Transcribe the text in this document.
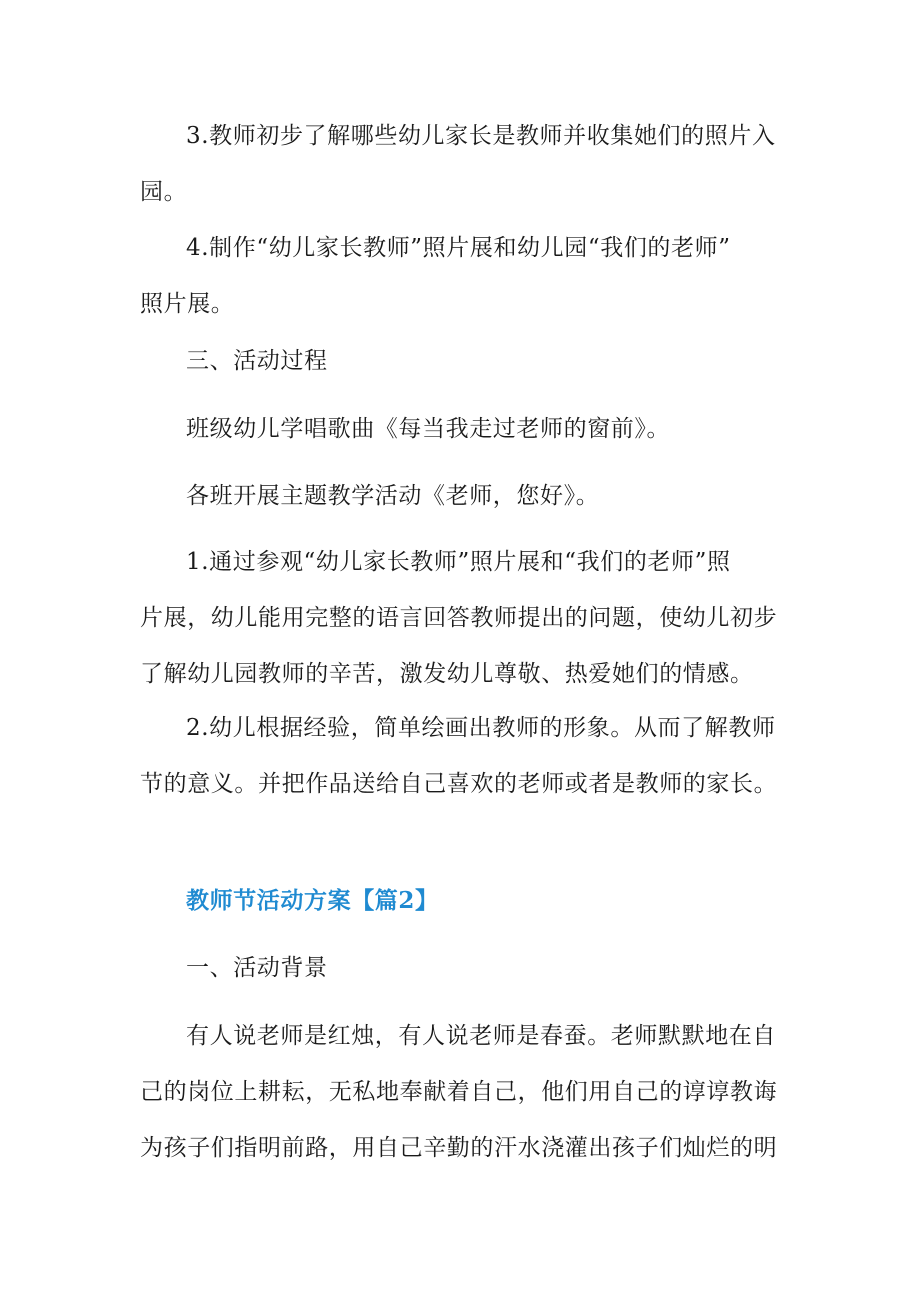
3.教师初步了解哪些幼儿家长是教师并收集她们的照片入
园。

4.制作“幼儿家长教师”照片展和幼儿园“我们的老师”
照片展。

三、活动过程

班级幼儿学唱歌曲《每当我走过老师的窗前》。

各班开展主题教学活动《老师，您好》。

1.通过参观“幼儿家长教师”照片展和“我们的老师”照
片展，幼儿能用完整的语言回答教师提出的问题，使幼儿初步
了解幼儿园教师的辛苦，激发幼儿尊敬、热爱她们的情感。

2.幼儿根据经验，简单绘画出教师的形象。从而了解教师
节的意义。并把作品送给自己喜欢的老师或者是教师的家长。

教师节活动方案【篇2】

一、活动背景

有人说老师是红烛，有人说老师是春蚕。老师默默地在自
己的岗位上耕耘，无私地奉献着自己，他们用自己的谆谆教诲
为孩子们指明前路，用自己辛勤的汗水浇灌出孩子们灿烂的明
